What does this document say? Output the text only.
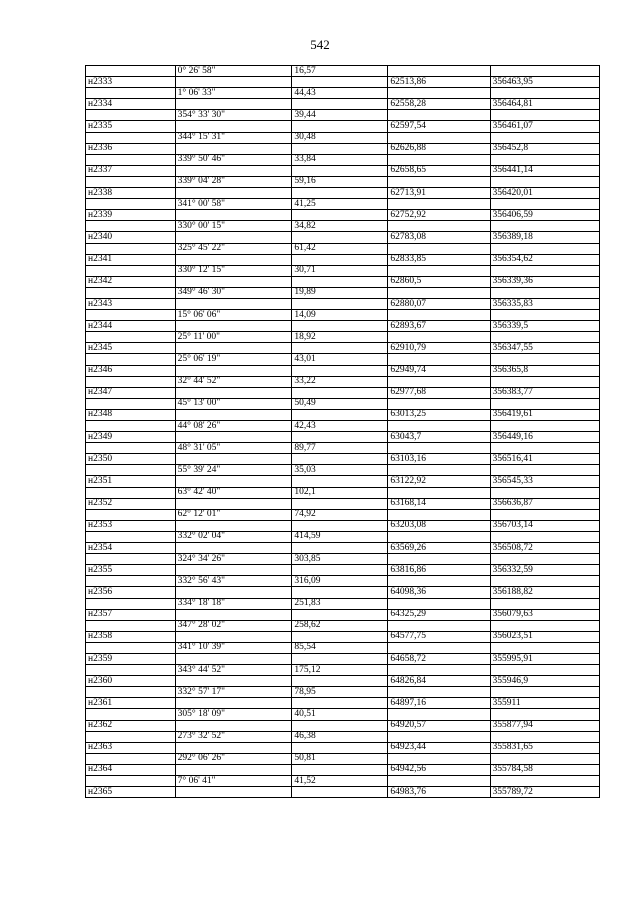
542
	0° 26' 58"	16,57		
н2333			62513,86	356463,95
	1° 06' 33"	44,43		
н2334			62558,28	356464,81
	354° 33' 30"	39,44		
н2335			62597,54	356461,07
	344° 15' 31"	30,48		
н2336			62626,88	356452,8
	339° 50' 46"	33,84		
н2337			62658,65	356441,14
	339° 04' 28"	59,16		
н2338			62713,91	356420,01
	341° 00' 58"	41,25		
н2339			62752,92	356406,59
	330° 00' 15"	34,82		
н2340			62783,08	356389,18
	325° 45' 22"	61,42		
н2341			62833,85	356354,62
	330° 12' 15"	30,71		
н2342			62860,5	356339,36
	349° 46' 30"	19,89		
н2343			62880,07	356335,83
	15° 06' 06"	14,09		
н2344			62893,67	356339,5
	25° 11' 00"	18,92		
н2345			62910,79	356347,55
	25° 06' 19"	43,01		
н2346			62949,74	356365,8
	32° 44' 52"	33,22		
н2347			62977,68	356383,77
	45° 13' 00"	50,49		
н2348			63013,25	356419,61
	44° 08' 26"	42,43		
н2349			63043,7	356449,16
	48° 31' 05"	89,77		
н2350			63103,16	356516,41
	55° 39' 24"	35,03		
н2351			63122,92	356545,33
	63° 42' 40"	102,1		
н2352			63168,14	356636,87
	62° 12' 01"	74,92		
н2353			63203,08	356703,14
	332° 02' 04"	414,59		
н2354			63569,26	356508,72
	324° 34' 26"	303,85		
н2355			63816,86	356332,59
	332° 56' 43"	316,09		
н2356			64098,36	356188,82
	334° 18' 18"	251,83		
н2357			64325,29	356079,63
	347° 28' 02"	258,62		
н2358			64577,75	356023,51
	341° 10' 39"	85,54		
н2359			64658,72	355995,91
	343° 44' 52"	175,12		
н2360			64826,84	355946,9
	332° 57' 17"	78,95		
н2361			64897,16	355911
	305° 18' 09"	40,51		
н2362			64920,57	355877,94
	273° 32' 52"	46,38		
н2363			64923,44	355831,65
	292° 06' 26"	50,81		
н2364			64942,56	355784,58
	7° 06' 41"	41,52		
н2365			64983,76	355789,72
